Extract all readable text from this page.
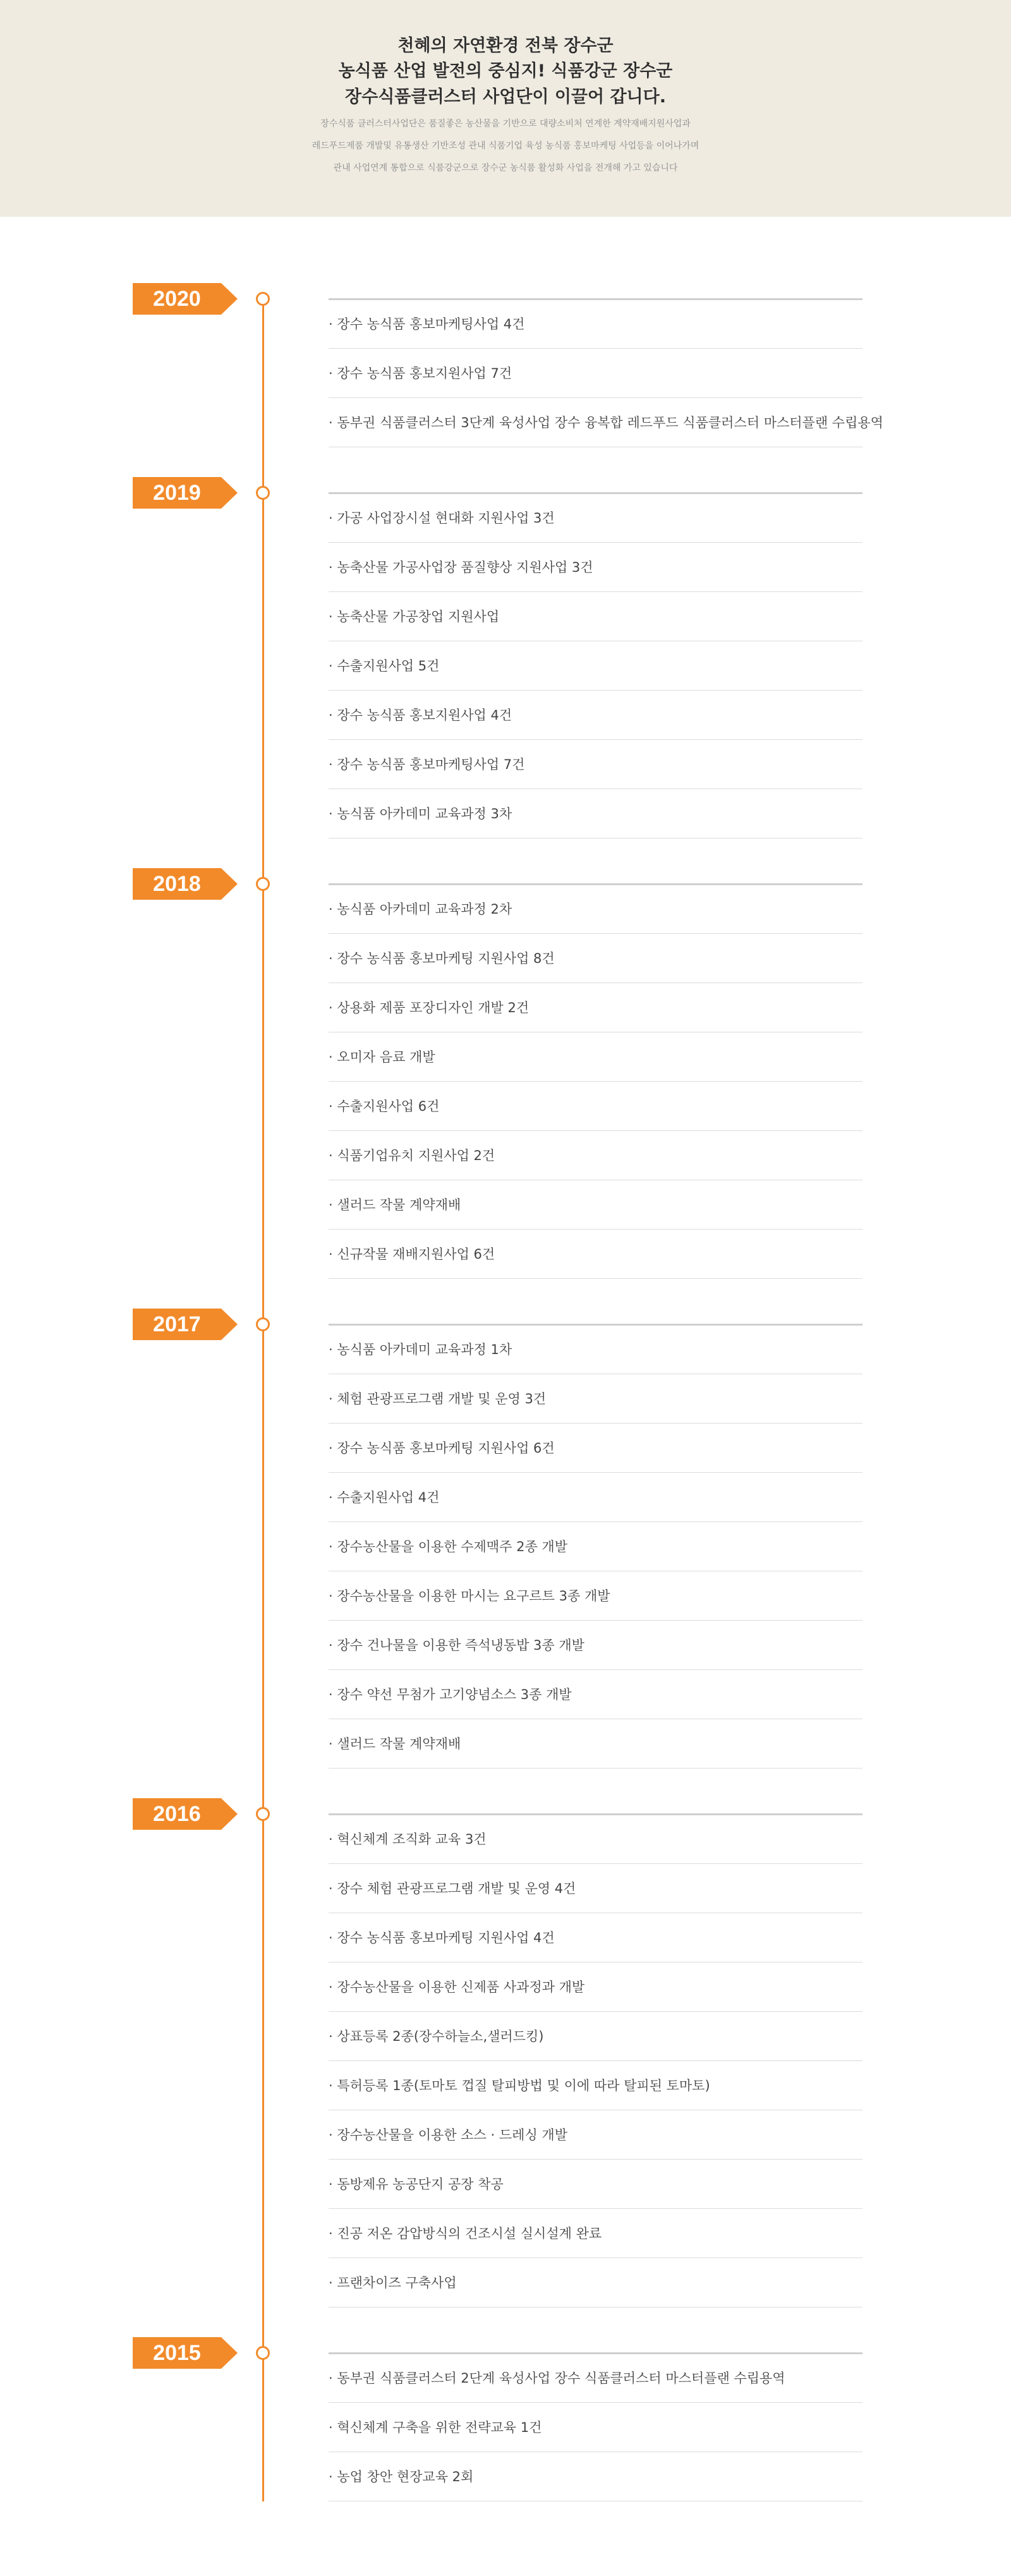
천혜의 자연환경 전북 장수군
농식품 산업 발전의 중심지! 식품강군 장수군
장수식품클러스터 사업단이 이끌어 갑니다.
장수식품 클러스터사업단은 품질좋은 농산물을 기반으로 대량소비처 연계한 계약재배지원사업과
레드푸드제품 개발및 유통생산 기반조성 관내 식품기업 육성 농식품 홍보마케팅 사업등을 이어나가며
관내 사업연계 통합으로 식품강군으로 장수군 농식품 활성화 사업을 전개해 가고 있습니다
2020
· 장수 농식품 홍보마케팅사업 4건
· 장수 농식품 홍보지원사업 7건
· 동부권 식품클러스터 3단계 육성사업 장수 융복합 레드푸드 식품클러스터 마스터플랜 수립용역
2019
· 가공 사업장시설 현대화 지원사업 3건
· 농축산물 가공사업장 품질향상 지원사업 3건
· 농축산물 가공창업 지원사업
· 수출지원사업 5건
· 장수 농식품 홍보지원사업 4건
· 장수 농식품 홍보마케팅사업 7건
· 농식품 아카데미 교육과정 3차
2018
· 농식품 아카데미 교육과정 2차
· 장수 농식품 홍보마케팅 지원사업 8건
· 상용화 제품 포장디자인 개발 2건
· 오미자 음료 개발
· 수출지원사업 6건
· 식품기업유치 지원사업 2건
· 샐러드 작물 계약재배
· 신규작물 재배지원사업 6건
2017
· 농식품 아카데미 교육과정 1차
· 체험 관광프로그램 개발 및 운영 3건
· 장수 농식품 홍보마케팅 지원사업 6건
· 수출지원사업 4건
· 장수농산물을 이용한 수제맥주 2종 개발
· 장수농산물을 이용한 마시는 요구르트 3종 개발
· 장수 건나물을 이용한 즉석냉동밥 3종 개발
· 장수 약선 무첨가 고기양념소스 3종 개발
· 샐러드 작물 계약재배
2016
· 혁신체계 조직화 교육 3건
· 장수 체험 관광프로그램 개발 및 운영 4건
· 장수 농식품 홍보마케팅 지원사업 4건
· 장수농산물을 이용한 신제품 사과정과 개발
· 상표등록 2종(장수하늘소,샐러드킹)
· 특허등록 1종(토마토 껍질 탈피방법 및 이에 따라 탈피된 토마토)
· 장수농산물을 이용한 소스 · 드레싱 개발
· 동방제유 농공단지 공장 착공
· 진공 저온 감압방식의 건조시설 실시설계 완료
· 프랜차이즈 구축사업
2015
· 동부권 식품클러스터 2단계 육성사업 장수 식품클러스터 마스터플랜 수립용역
· 혁신체계 구축을 위한 전략교육 1건
· 농업 창안 현장교육 2회
